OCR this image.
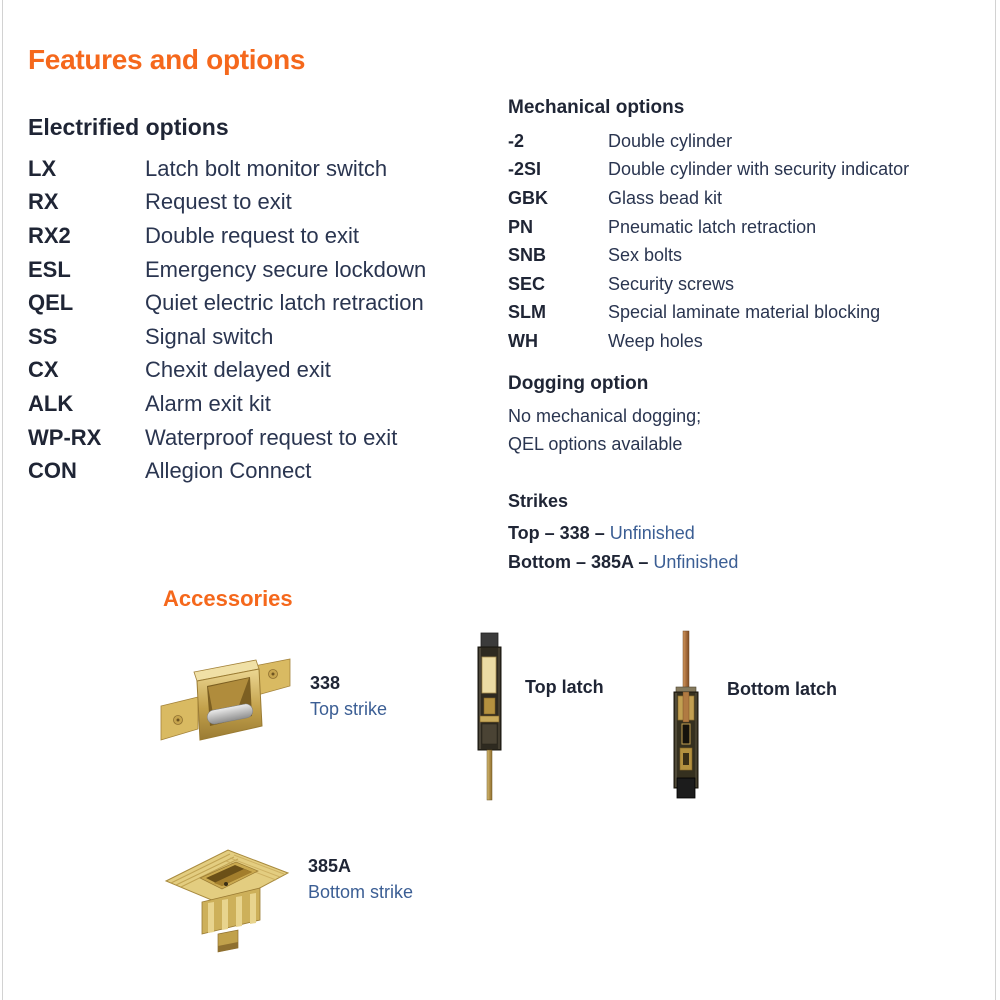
Features and options
Electrified options
LX	Latch bolt monitor switch
RX	Request to exit
RX2	Double request to exit
ESL	Emergency secure lockdown
QEL	Quiet electric latch retraction
SS	Signal switch
CX	Chexit delayed exit
ALK	Alarm exit kit
WP-RX	Waterproof request to exit
CON	Allegion Connect
Mechanical options
-2	Double cylinder
-2SI	Double cylinder with security indicator
GBK	Glass bead kit
PN	Pneumatic latch retraction
SNB	Sex bolts
SEC	Security screws
SLM	Special laminate material blocking
WH	Weep holes
Dogging option
No mechanical dogging;
QEL options available
Strikes
Top – 338 – Unfinished
Bottom – 385A – Unfinished
Accessories
338
Top strike
Top latch	Bottom latch
385A
Bottom strike
